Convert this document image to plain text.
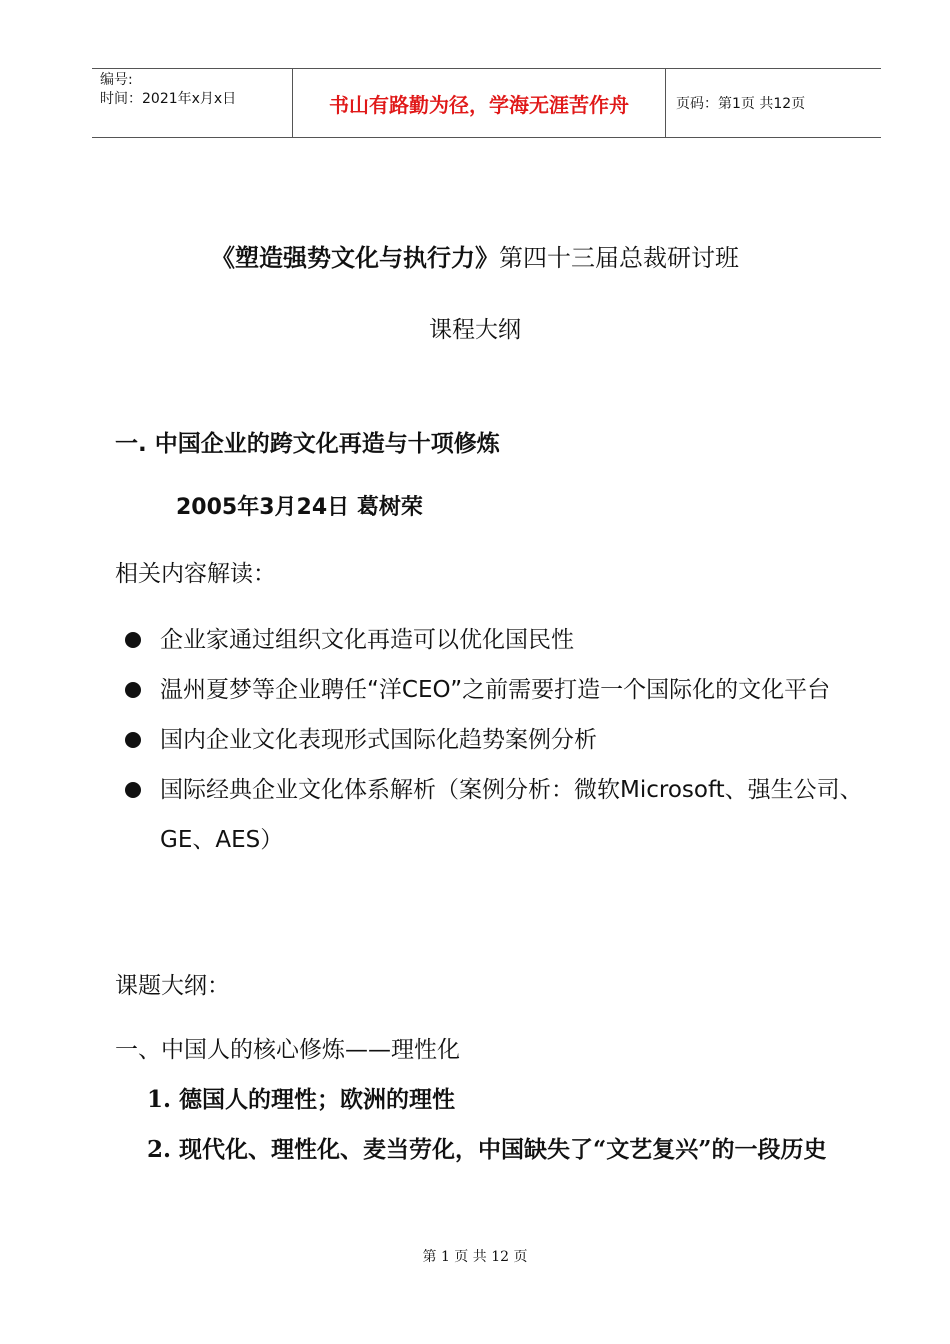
编号:
时间：2021年x月x日	书山有路勤为径，学海无涯苦作舟	页码：第1页 共12页
《塑造强势文化与执行力》第四十三届总裁研讨班
课程大纲
一. 中国企业的跨文化再造与十项修炼
2005年3月24日 葛树荣
相关内容解读：
企业家通过组织文化再造可以优化国民性
温州夏梦等企业聘任“洋CEO”之前需要打造一个国际化的文化平台
国内企业文化表现形式国际化趋势案例分析
国际经典企业文化体系解析（案例分析：微软Microsoft、强生公司、GE、AES）
课题大纲：
一、中国人的核心修炼——理性化
1. 德国人的理性；欧洲的理性
2. 现代化、理性化、麦当劳化，中国缺失了“文艺复兴”的一段历史
第 1 页 共 12 页
